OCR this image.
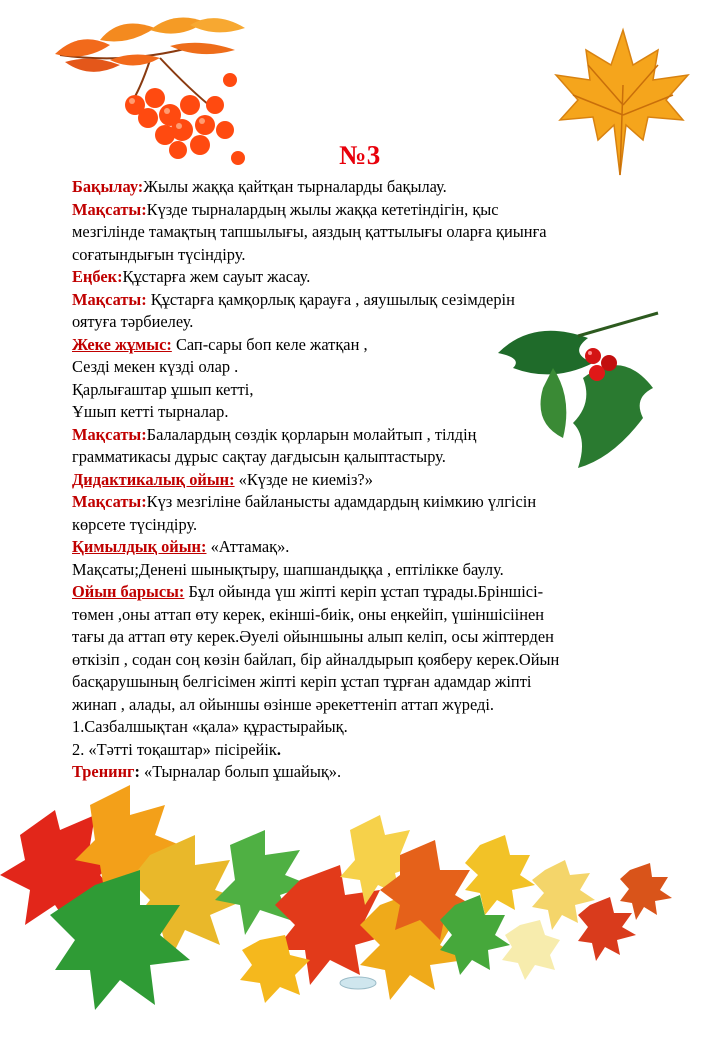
№3
Бақылау:Жылы жаққа қайтқан тырналарды бақылау.
Мақсаты:Күзде тырналардың жылы жаққа кететіндігін, қыс
мезгілінде тамақтың тапшылығы, аяздың қаттылығы оларға қиынға
соғатындығын түсіндіру.
Еңбек:Құстарға жем сауыт жасау.
Мақсаты: Құстарға қамқорлық қарауға , аяушылық сезімдерін
оятуға тәрбиелеу.
Жеке жұмыс: Сап-сары боп келе жатқан ,
Сезді мекен күзді олар .
Қарлығаштар ұшып кетті,
Ұшып кетті тырналар.
Мақсаты:Балалардың сөздік қорларын молайтып , тілдің
грамматикасы дұрыс сақтау дағдысын қалыптастыру.
Дидактикалық ойын: «Күзде не киеміз?»
Мақсаты:Күз мезгіліне байланысты адамдардың киімкию үлгісін
көрсете түсіндіру.
Қимылдық ойын: «Аттамақ».
Мақсаты;Денені шынықтыру, шапшандыққа , ептілікке баулу.
Ойын барысы: Бұл ойында үш жіпті керіп ұстап тұрады.Бріншісі-
төмен ,оны аттап өту керек, екінші-биік, оны еңкейіп, үшіншісіінен
тағы да аттап өту керек.Әуелі ойыншыны алып келіп, осы жіптерден
өткізіп , содан соң көзін байлап, бір айналдырып қояберу керек.Ойын
басқарушының белгісімен жіпті керіп ұстап тұрған адамдар жіпті
жинап , алады, ал ойыншы өзінше әрекеттеніп аттап жүреді.
1.Сазбалшықтан «қала» құрастырайық.
2. «Тәтті тоқаштар» пісірейік.
Тренинг: «Тырналар болып ұшайық».
